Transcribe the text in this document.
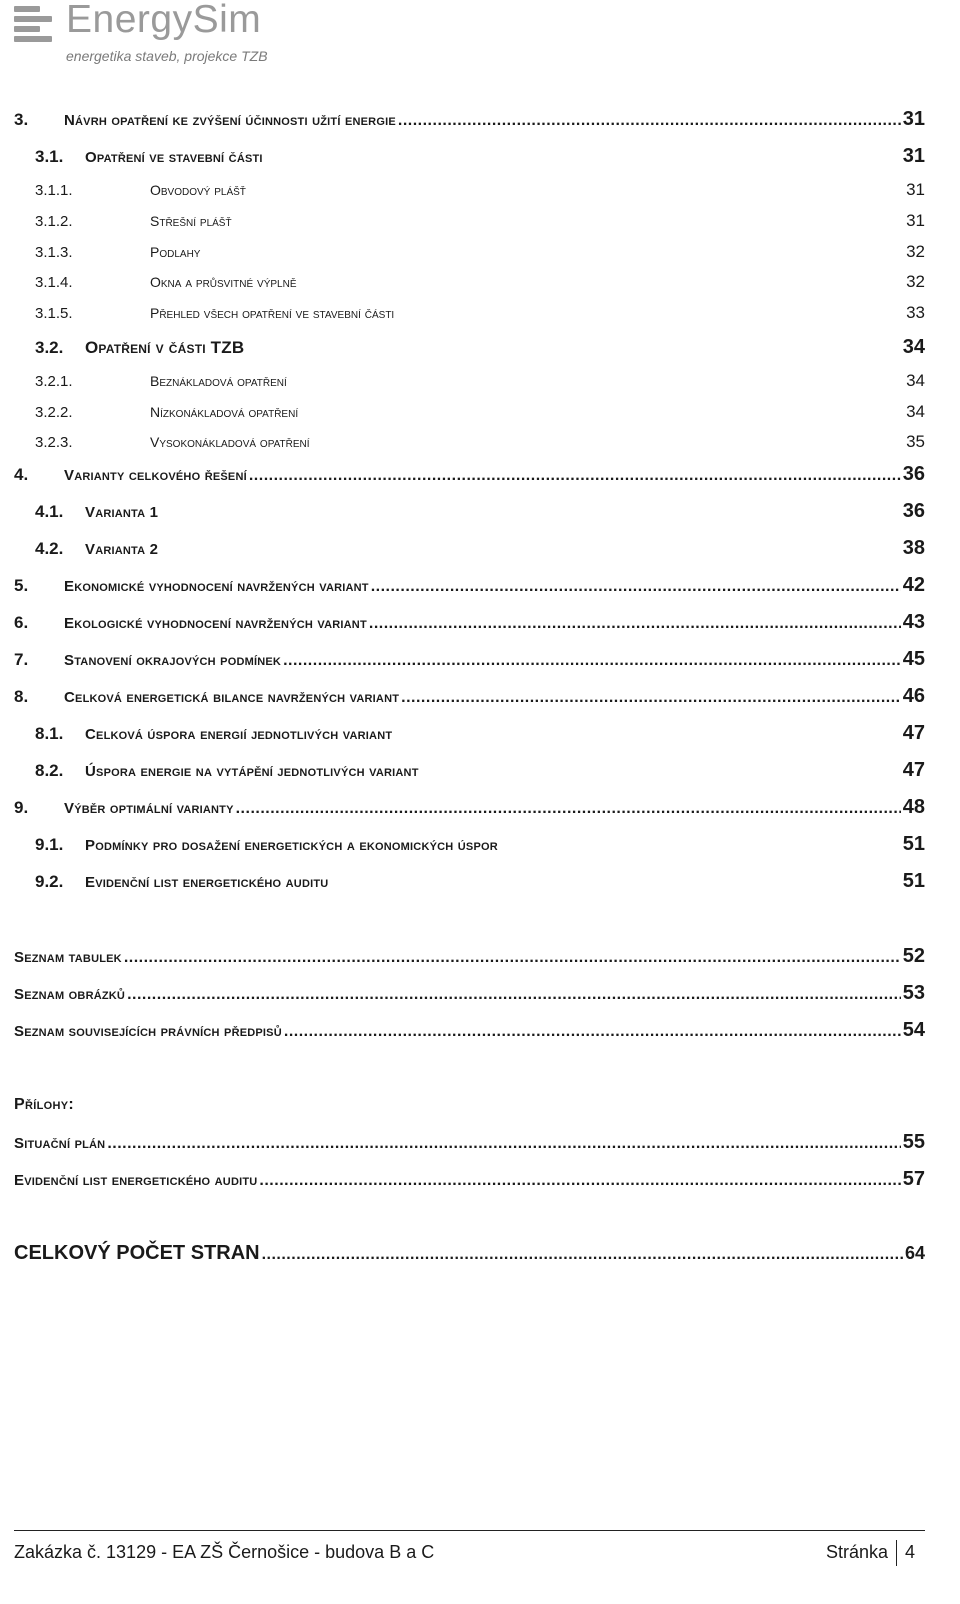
EnergySim
energetika staveb, projekce TZB
3.	Návrh opatření ke zvýšení účinnosti užití energie .....	31
3.1.	Opatření ve stavební části	31
3.1.1.	Obvodový plášť	31
3.1.2.	Střešní plášť	31
3.1.3.	Podlahy	32
3.1.4.	Okna a průsvitné výplně	32
3.1.5.	Přehled všech opatření ve stavební části	33
3.2.	Opatření v části TZB	34
3.2.1.	Beznákladová opatření	34
3.2.2.	Nízkonákladová opatření	34
3.2.3.	Vysokonákladová opatření	35
4.	Varianty celkového řešení .....	36
4.1.	Varianta 1	36
4.2.	Varianta 2	38
5.	Ekonomické vyhodnocení navržených variant .....	42
6.	Ekologické vyhodnocení navržených variant .....	43
7.	Stanovení okrajových podmínek .....	45
8.	Celková energetická bilance navržených variant .....	46
8.1.	Celková úspora energií jednotlivých variant	47
8.2.	Úspora energie na vytápění jednotlivých variant	47
9.	Výběr optimální varianty .....	48
9.1.	Podmínky pro dosažení energetických a ekonomických úspor	51
9.2.	Evidenční list energetického auditu	51
Seznam tabulek .....	52
Seznam obrázků .....	53
Seznam souvisejících právních předpisů .....	54
Přílohy:
Situační plán .....	55
Evidenční list energetického auditu .....	57
CELKOVÝ POČET STRAN .....	64
Zakázka č. 13129 - EA ZŠ Černošice - budova B a C	Stránka 4
